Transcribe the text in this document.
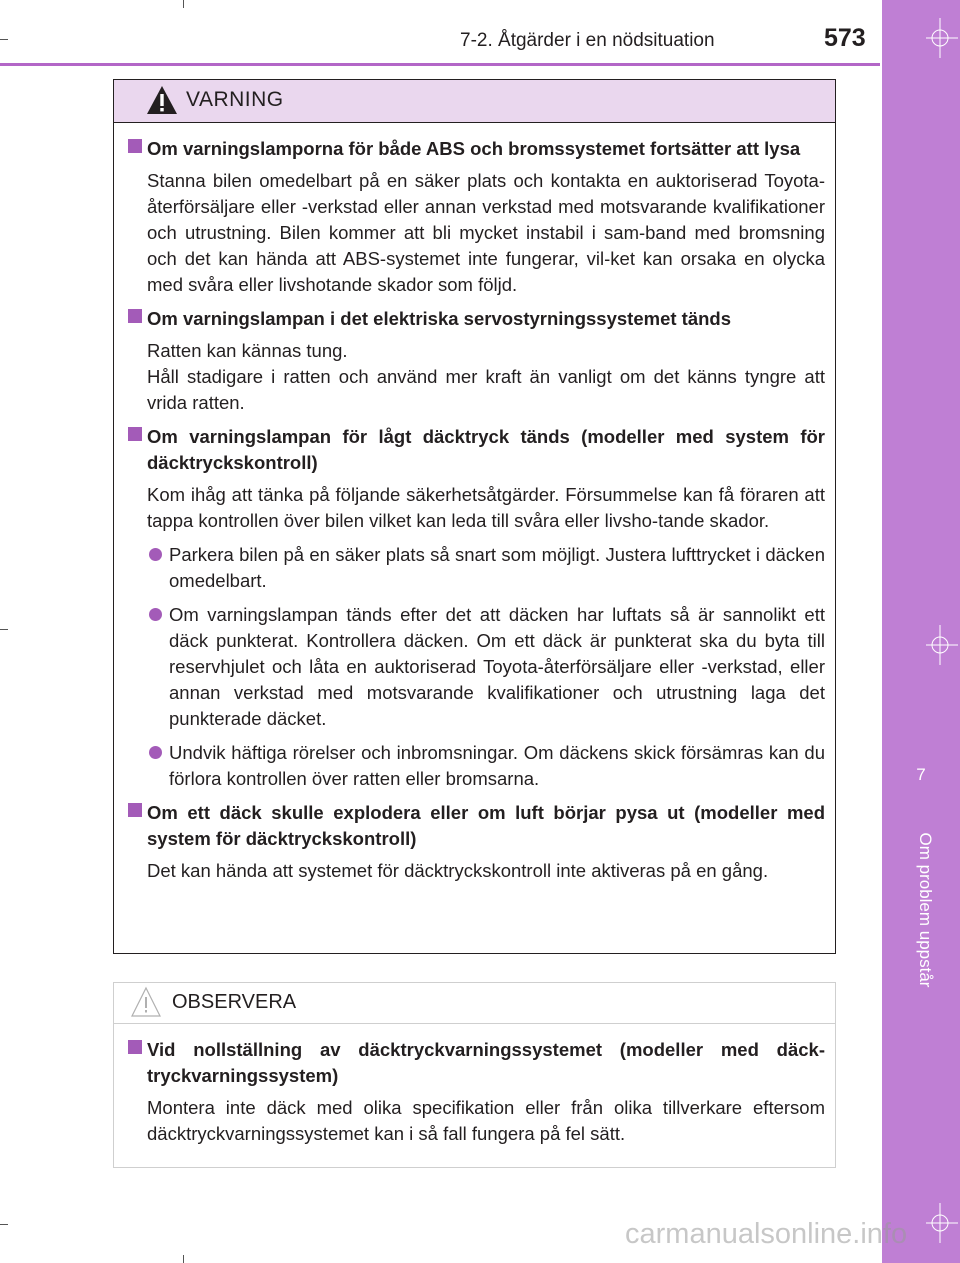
7-2. Åtgärder i en nödsituation	573
7
Om problem uppstår
VARNING
Om varningslamporna för både ABS och bromssystemet fortsätter att lysa
Stanna bilen omedelbart på en säker plats och kontakta en auktoriserad Toyota-återförsäljare eller -verkstad eller annan verkstad med motsvarande kvalifikationer och utrustning. Bilen kommer att bli mycket instabil i sam-band med bromsning och det kan hända att ABS-systemet inte fungerar, vil-ket kan orsaka en olycka med svåra eller livshotande skador som följd.
Om varningslampan i det elektriska servostyrningssystemet tänds

Ratten kan kännas tung.

Håll stadigare i ratten och använd mer kraft än vanligt om det känns tyngre att vrida ratten.

Om varningslampan för lågt däcktryck tänds (modeller med system för däcktryckskontroll)
Kom ihåg att tänka på följande säkerhetsåtgärder. Försummelse kan få föraren att tappa kontrollen över bilen vilket kan leda till svåra eller livsho-tande skador.
Parkera bilen på en säker plats så snart som möjligt. Justera lufttrycket i däcken omedelbart.
Om varningslampan tänds efter det att däcken har luftats så är sannolikt ett däck punkterat. Kontrollera däcken. Om ett däck är punkterat ska du byta till reservhjulet och låta en auktoriserad Toyota-återförsäljare eller -verkstad, eller annan verkstad med motsvarande kvalifikationer och utrustning laga det punkterade däcket.
Undvik häftiga rörelser och inbromsningar. Om däckens skick försämras kan du förlora kontrollen över ratten eller bromsarna.
Om ett däck skulle explodera eller om luft börjar pysa ut (modeller med system för däcktryckskontroll)
Det kan hända att systemet för däcktryckskontroll inte aktiveras på en gång.
OBSERVERA
Vid nollställning av däcktryckvarningssystemet (modeller med däck-tryckvarningssystem)
Montera inte däck med olika specifikation eller från olika tillverkare eftersom däcktryckvarningssystemet kan i så fall fungera på fel sätt.
carmanualsonline.info
